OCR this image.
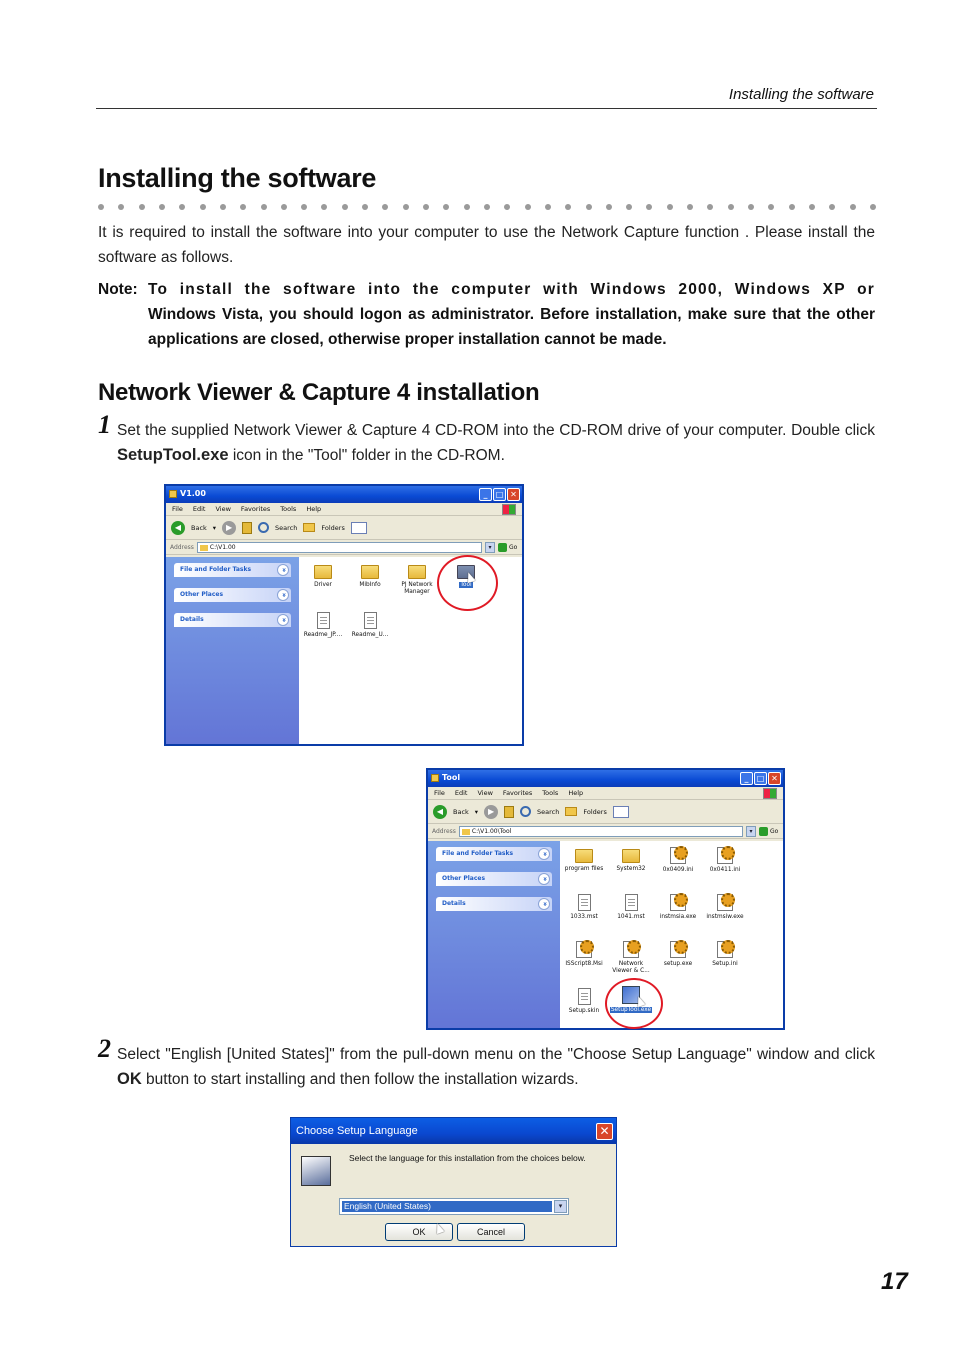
Installing the software
Installing the software
It is required to install the software into your computer to use the Network Capture function . Please install the software as follows.
Note: To install the software into the computer with Windows 2000, Windows XP or Windows Vista, you should logon as administrator. Before installation, make sure that the other applications are closed, otherwise proper installation cannot be made.
Network Viewer & Capture 4 installation
1 Set the supplied Network Viewer & Capture 4 CD-ROM into the CD-ROM drive of your computer. Double click SetupTool.exe icon in the "Tool" folder in the CD-ROM.
V1.00	_	□ ✕
File Edit View Favorites Tools Help
◀	Back ▾	▶	Search	Folders
Address	C:\V1.00	▾	Go
File and Folder Tasks »
Other Places »
Details »
Driver	MibInfo	PJ Network Manager
Tool
Readme_JP....	Readme_U...
Tool	_	□ ✕
File Edit View Favorites Tools Help
◀	Back ▾	▶	Search	Folders
Address	C:\V1.00\Tool	▾	Go
File and Folder Tasks »
Other Places »
Details »
program files	System32	0x0409.ini	0x0411.ini
1033.mst	1041.mst	instmsia.exe	instmsiw.exe
ISScript8.Msi	Network Viewer & C...
setup.exe	Setup.ini
Setup.skin	SetupTool.exe
2 Select "English [United States]" from the pull-down menu on the "Choose Setup Language" window and click OK button to start installing and then follow the installation wizards.
Choose Setup Language	✕
Select the language for this installation from the choices below.
English (United States)	▾
OK	Cancel
17
